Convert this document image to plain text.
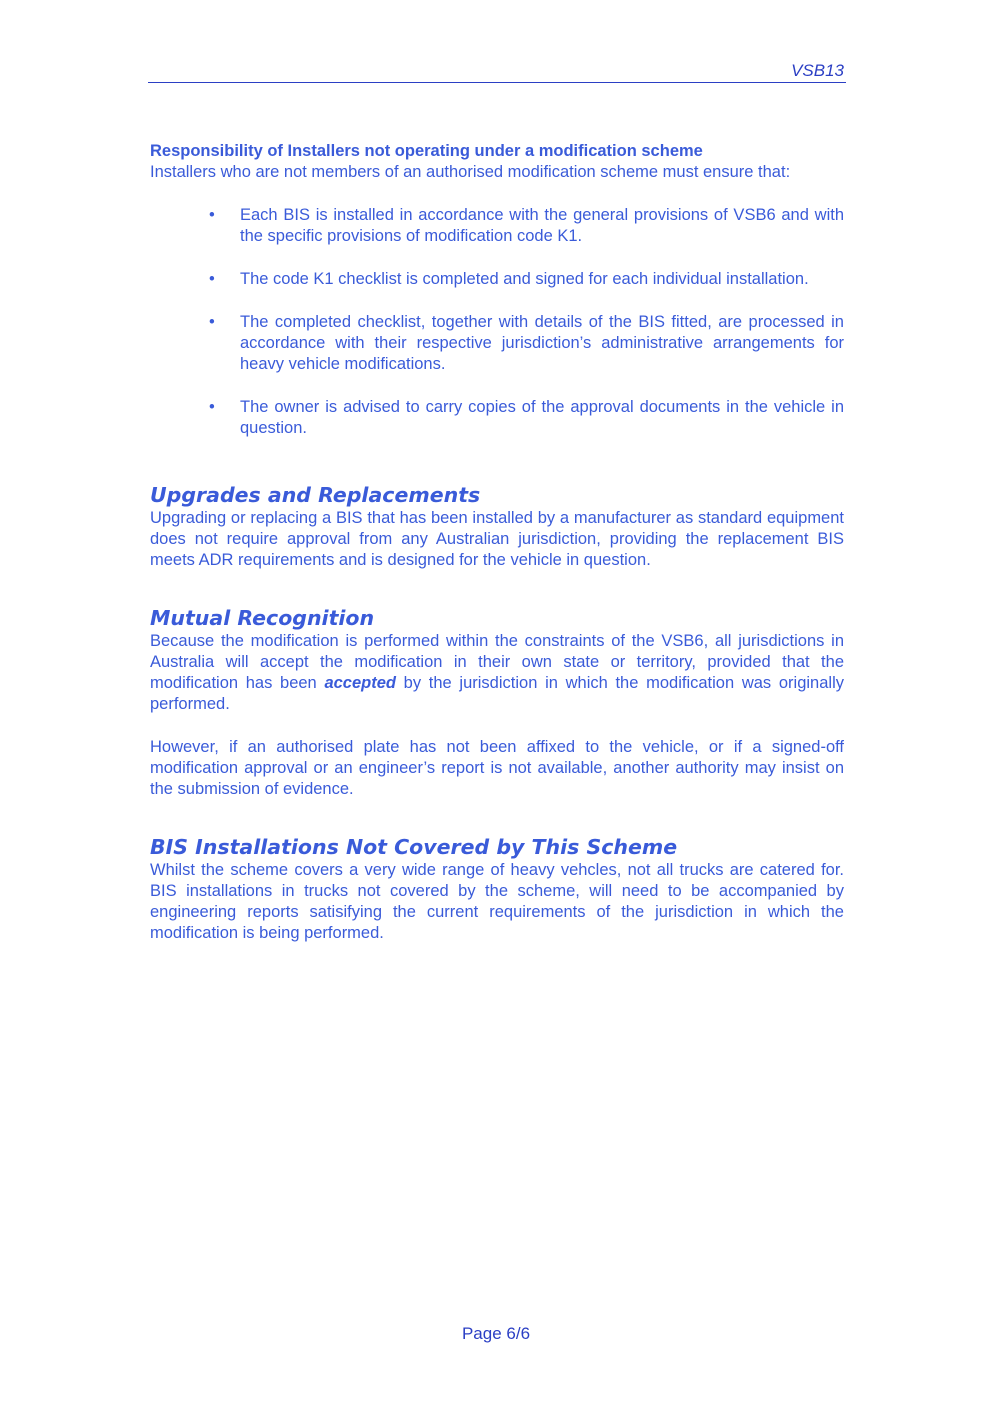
VSB13

Responsibility of Installers not operating under a modification scheme

Installers who are not members of an authorised modification scheme must ensure that:

• Each BIS is installed in accordance with the general provisions of VSB6 and with the specific provisions of modification code K1.
• The code K1 checklist is completed and signed for each individual installation.
• The completed checklist, together with details of the BIS fitted, are processed in accordance with their respective jurisdiction’s administrative arrangements for heavy vehicle modifications.
• The owner is advised to carry copies of the approval documents in the vehicle in question.
Upgrades and Replacements

Upgrading or replacing a BIS that has been installed by a manufacturer as standard equipment does not require approval from any Australian jurisdiction, providing the replacement BIS meets ADR requirements and is designed for the vehicle in question.

Mutual Recognition

Because the modification is performed within the constraints of the VSB6, all jurisdictions in Australia will accept the modification in their own state or territory, provided that the modification has been accepted by the jurisdiction in which the modification was originally performed.

However, if an authorised plate has not been affixed to the vehicle, or if a signed-off modification approval or an engineer’s report is not available, another authority may insist on the submission of evidence.

BIS Installations Not Covered by This Scheme

Whilst the scheme covers a very wide range of heavy vehcles, not all trucks are catered for. BIS installations in trucks not covered by the scheme, will need to be accompanied by engineering reports satisifying the current requirements of the jurisdiction in which the modification is being performed.

Page 6/6
